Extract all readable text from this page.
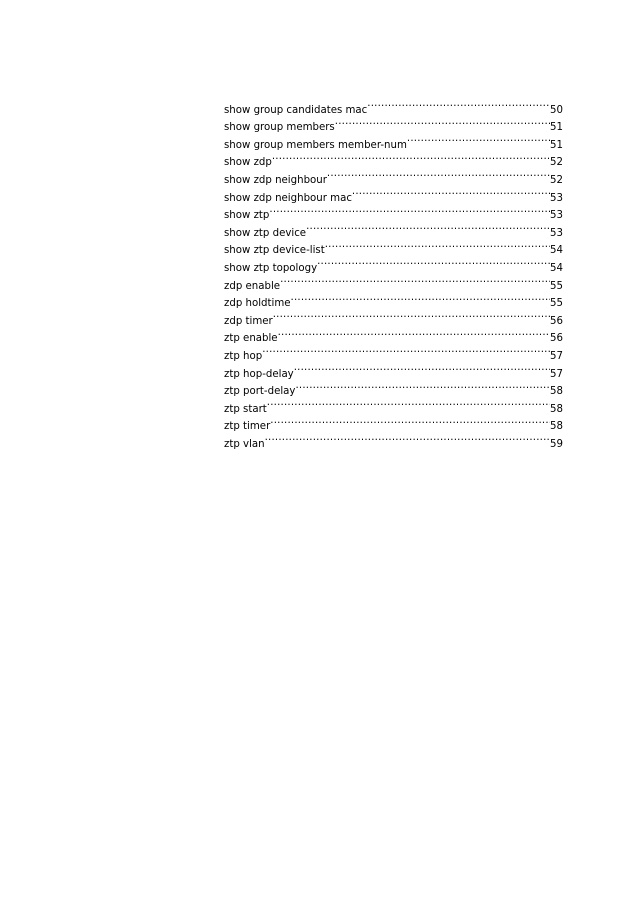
show group candidates mac .....	50
show group members .....	51
show group members member-num .....	51
show zdp .....	52
show zdp neighbour .....	52
show zdp neighbour mac .....	53
show ztp .....	53
show ztp device .....	53
show ztp device-list .....	54
show ztp topology .....	54
zdp enable .....	55
zdp holdtime .....	55
zdp timer .....	56
ztp enable .....	56
ztp hop .....	57
ztp hop-delay .....	57
ztp port-delay .....	58
ztp start .....	58
ztp timer .....	58
ztp vlan .....	59
